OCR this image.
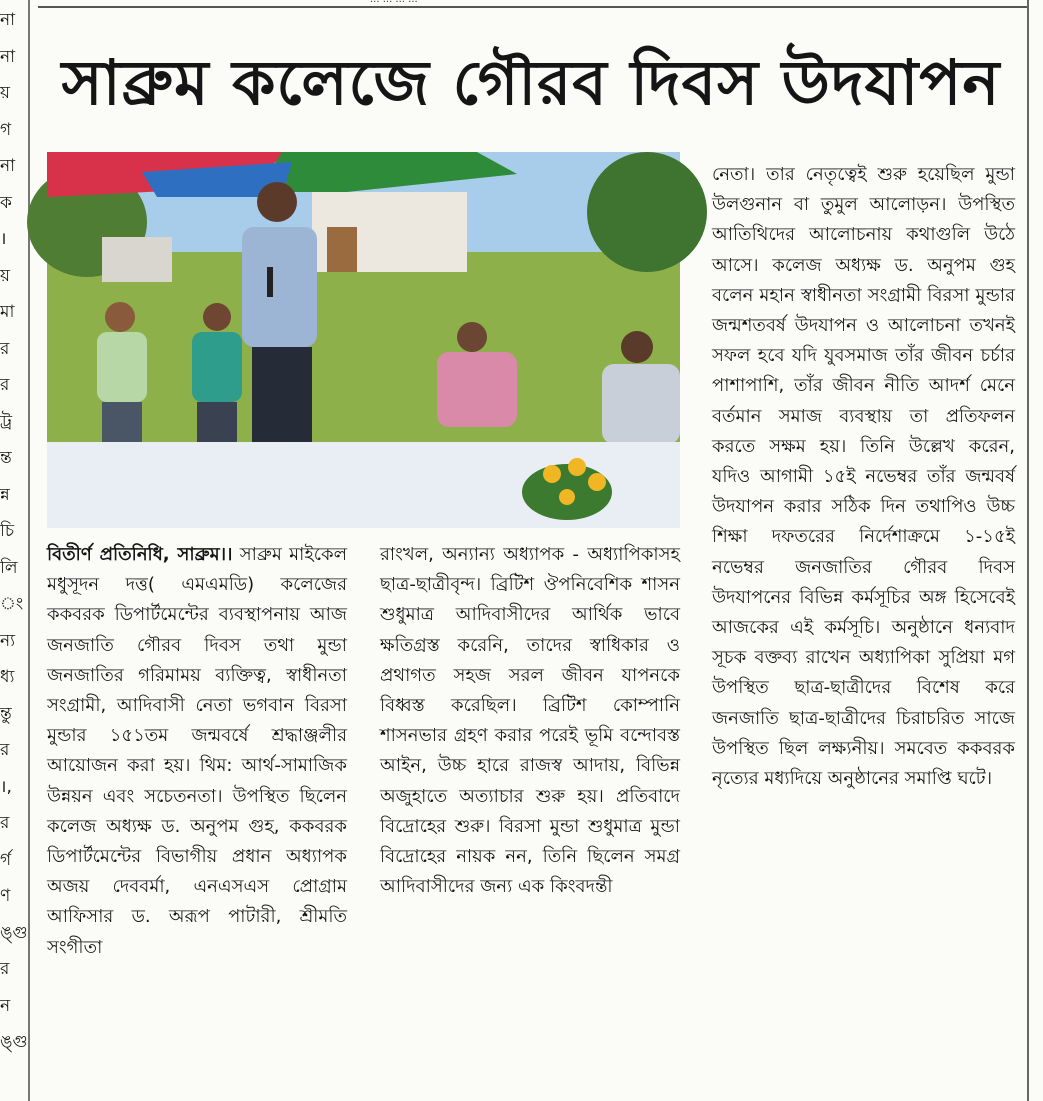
না
না
য়
গ
না
ক
।
য়
মা
র
র
ট্র
ন্ত
ন্ন
চি
লি
ং
ন্য
ধ্য
ন্তু
র
।,
র
র্গ
ণ
ঙ্গু
র
ন
ঙ্গু
সাব্রুম কলেজে গৌরব দিবস উদযাপন
বিতীর্ণ প্রতিনিধি, সাব্রুম।। সাব্রুম মাইকেল মধুসূদন দত্ত( এমএমডি) কলেজের ককবরক ডিপার্টমেন্টের ব্যবস্থাপনায় আজ জনজাতি গৌরব দিবস তথা মুন্ডা জনজাতির গরিমাময় ব্যক্তিত্ব, স্বাধীনতা সংগ্রামী, আদিবাসী নেতা ভগবান বিরসা মুন্ডার ১৫১তম জন্মবর্ষে শ্রদ্ধাঞ্জলীর আয়োজন করা হয়। থিম: আর্থ-সামাজিক উন্নয়ন এবং সচেতনতা। উপস্থিত ছিলেন কলেজ অধ্যক্ষ ড. অনুপম গুহ, ককবরক ডিপার্টমেন্টের বিভাগীয় প্রধান অধ্যাপক অজয় দেববর্মা, এনএসএস প্রোগ্রাম আফিসার ড. অরূপ পাটারী, শ্রীমতি সংগীতা
রাংখল, অন্যান্য অধ্যাপক - অধ্যাপিকাসহ ছাত্র-ছাত্রীবৃন্দ। ব্রিটিশ ঔপনিবেশিক শাসন শুধুমাত্র আদিবাসীদের আর্থিক ভাবে ক্ষতিগ্রস্ত করেনি, তাদের স্বাধিকার ও প্রথাগত সহজ সরল জীবন যাপনকে বিধ্বস্ত করেছিল। ব্রিটিশ কোম্পানি শাসনভার গ্রহণ করার পরেই ভূমি বন্দোবস্ত আইন, উচ্চ হারে রাজস্ব আদায়, বিভিন্ন অজুহাতে অত্যাচার শুরু হয়। প্রতিবাদে বিদ্রোহের শুরু। বিরসা মুন্ডা শুধুমাত্র মুন্ডা বিদ্রোহের নায়ক নন, তিনি ছিলেন সমগ্র আদিবাসীদের জন্য এক কিংবদন্তী
নেতা। তার নেতৃত্বেই শুরু হয়েছিল মুন্ডা উলগুনান বা তুমুল আলোড়ন। উপস্থিত আতিথিদের আলোচনায় কথাগুলি উঠে আসে। কলেজ অধ্যক্ষ ড. অনুপম গুহ বলেন মহান স্বাধীনতা সংগ্রামী বিরসা মুন্ডার জন্মশতবর্ষ উদযাপন ও আলোচনা তখনই সফল হবে যদি যুবসমাজ তাঁর জীবন চর্চার পাশাপাশি, তাঁর জীবন নীতি আদর্শ মেনে বর্তমান সমাজ ব্যবস্থায় তা প্রতিফলন করতে সক্ষম হয়। তিনি উল্লেখ করেন, যদিও আগামী ১৫ই নভেম্বর তাঁর জন্মবর্ষ উদযাপন করার সঠিক দিন তথাপিও উচ্চ শিক্ষা দফতরের নির্দেশাক্রমে ১-১৫ই নভেম্বর জনজাতির গৌরব দিবস উদযাপনের বিভিন্ন কর্মসূচির অঙ্গ হিসেবেই আজকের এই কর্মসূচি। অনুষ্ঠানে ধন্যবাদ সূচক বক্তব্য রাখেন অধ্যাপিকা সুপ্রিয়া মগ উপস্থিত ছাত্র-ছাত্রীদের বিশেষ করে জনজাতি ছাত্র-ছাত্রীদের চিরাচরিত সাজে উপস্থিত ছিল লক্ষ্যনীয়। সমবেত ককবরক নৃত্যের মধ্যদিয়ে অনুষ্ঠানের সমাপ্তি ঘটে।
